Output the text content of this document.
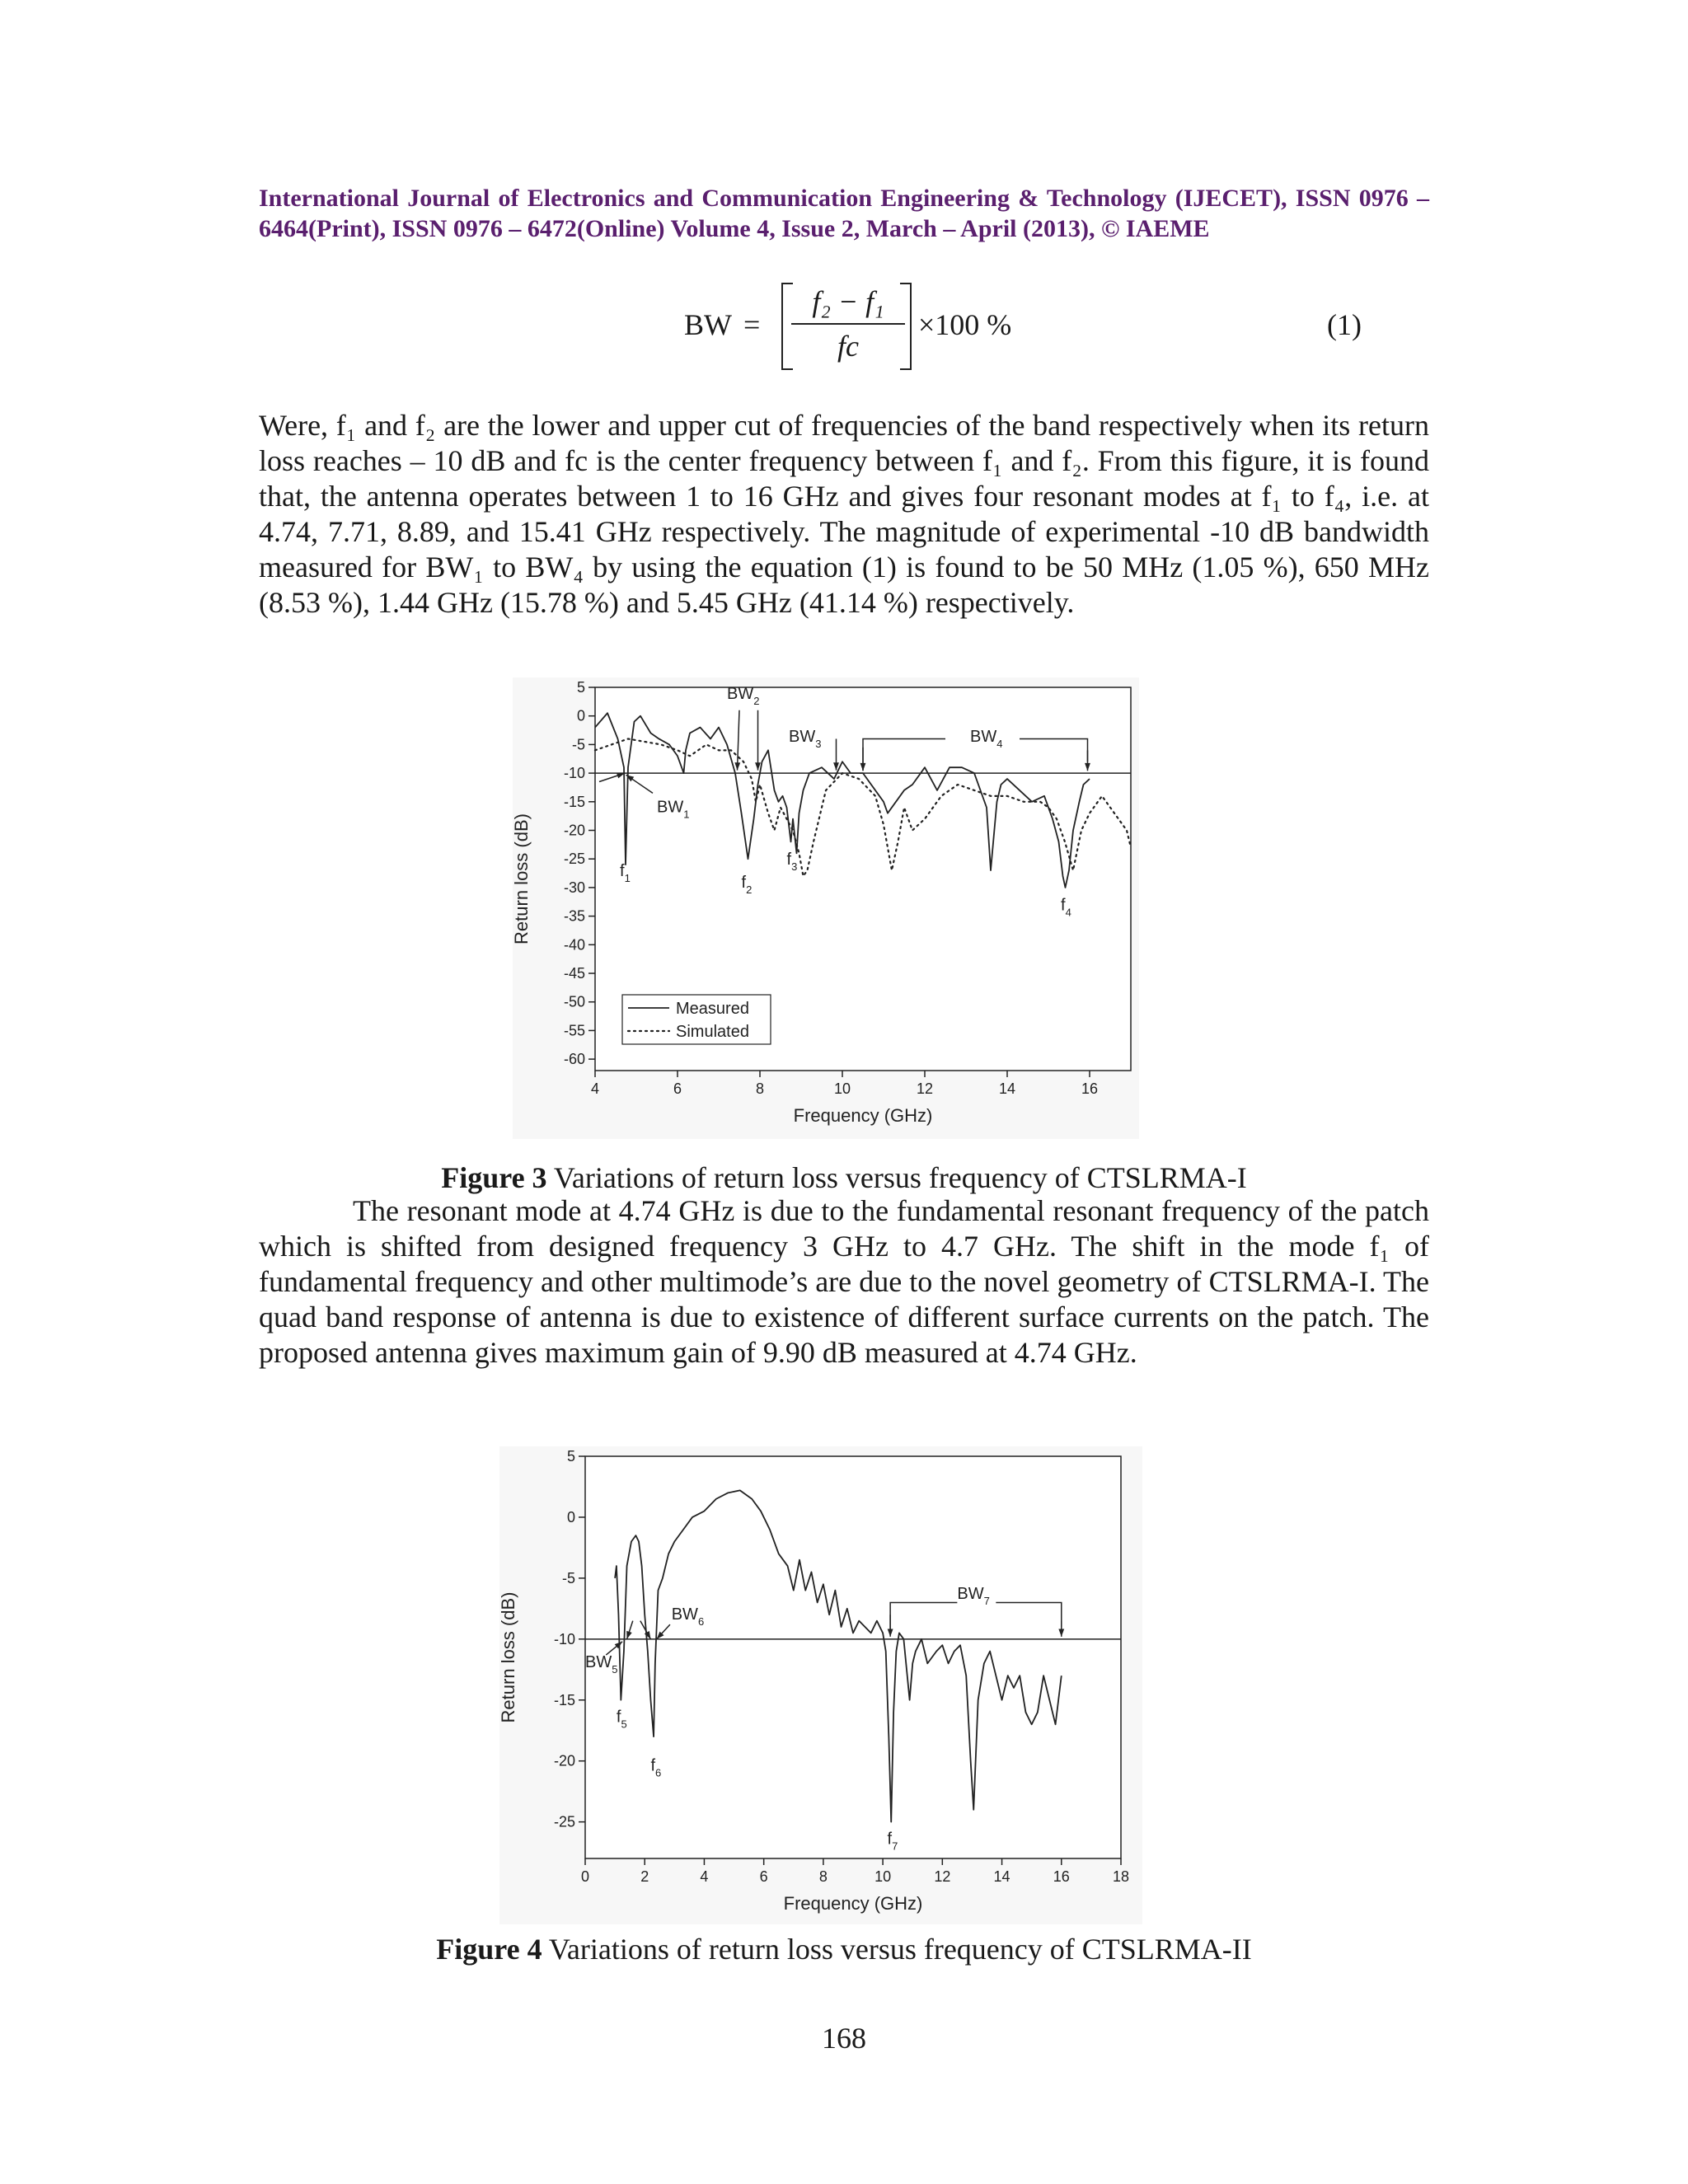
International Journal of Electronics and Communication Engineering & Technology (IJECET), ISSN 0976 – 6464(Print), ISSN 0976 – 6472(Online) Volume 4, Issue 2, March – April (2013), © IAEME
BW =
f₂ − f₁
fc
×100 %	(1)
Were, f₁ and f₂ are the lower and upper cut of frequencies of the band respectively when its return loss reaches – 10 dB and fc is the center frequency between f₁ and f₂. From this figure, it is found that, the antenna operates between 1 to 16 GHz and gives four resonant modes at f₁ to f₄, i.e. at 4.74, 7.71, 8.89, and 15.41 GHz respectively. The magnitude of experimental -10 dB bandwidth measured for BW₁ to BW₄ by using the equation (1) is found to be 50 MHz (1.05 %), 650 MHz (8.53 %), 1.44 GHz (15.78 %) and 5.45 GHz (41.14 %) respectively.
4	6	8	10	12	14	16
5
0
-5
-10
-15
-20
-25
-30
-35
-40
-45
-50
-55
-60
Frequency (GHz)
Return loss (dB)
Measured
Simulated
$BW_1$
$f_1$
$BW_2$
$f_2$
$BW_3$
$f_3$
$BW_4$
$f_4$
Figure 3 Variations of return loss versus frequency of CTSLRMA-I
The resonant mode at 4.74 GHz is due to the fundamental resonant frequency of the patch which is shifted from designed frequency 3 GHz to 4.7 GHz. The shift in the mode f₁ of fundamental frequency and other multimode’s are due to the novel geometry of CTSLRMA-I. The quad band response of antenna is due to existence of different surface currents on the patch. The proposed antenna gives maximum gain of 9.90 dB measured at 4.74 GHz.
0	2	4	6	8	10	12	14	16	18
5
0
-5
-10
-15
-20
-25
Frequency (GHz)
Return loss (dB)	$BW_5$
$f_5$
$BW_6$
$f_6$
$BW_7$
$f_7$
Figure 4 Variations of return loss versus frequency of CTSLRMA-II
168
